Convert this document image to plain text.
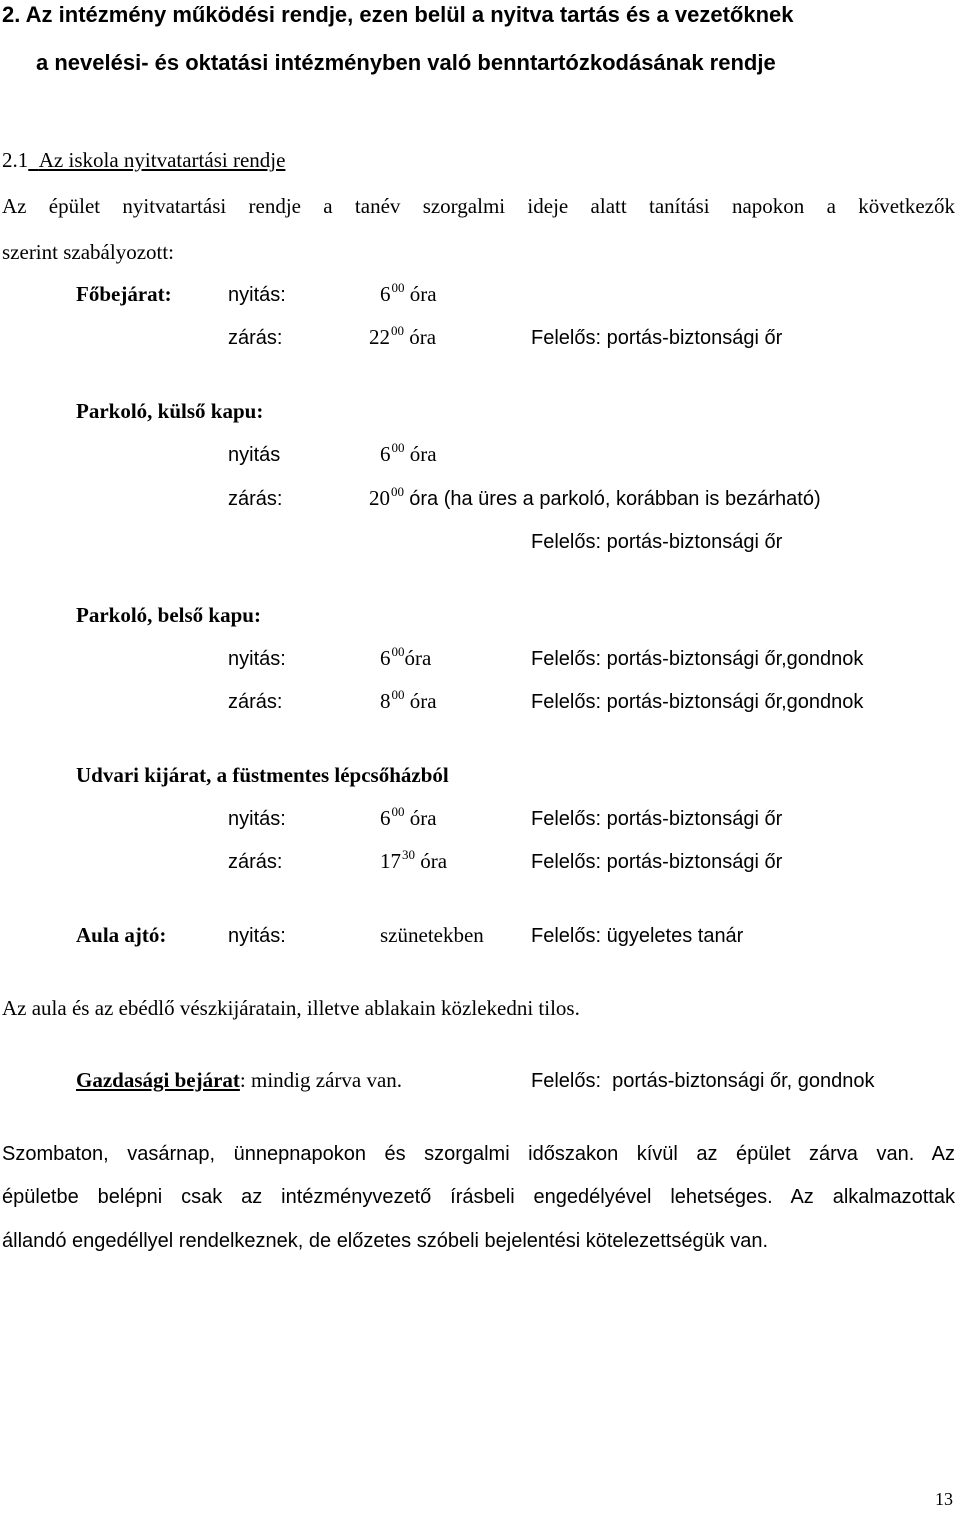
2. Az intézmény működési rendje, ezen belül a nyitva tartás és a vezetőknek
a nevelési- és oktatási intézményben való benntartózkodásának rendje
2.1 Az iskola nyitvatartási rendje
Az épület nyitvatartási rendje a tanév szorgalmi ideje alatt tanítási napokon a következők
szerint szabályozott:
Főbejárat:	nyitás:	$6^{00}$ óra
zárás:	$22^{00}$ óra	Felelős: portás-biztonsági őr
Parkoló, külső kapu:
nyitás	$6^{00}$ óra
zárás:	$20^{00}$ óra (ha üres a parkoló, korábban is bezárható)
Felelős: portás-biztonsági őr
Parkoló, belső kapu:
nyitás:	$6^{00}óra$	Felelős: portás-biztonsági őr,gondnok
zárás:	$8^{00}$ óra	Felelős: portás-biztonsági őr,gondnok
Udvari kijárat, a füstmentes lépcsőházból
nyitás:	$6^{00}$ óra	Felelős: portás-biztonsági őr
zárás:	$17^{30}$ óra	Felelős: portás-biztonsági őr
Aula ajtó:	nyitás:	szünetekben Felelős: ügyeletes tanár
Az aula és az ebédlő vészkijáratain, illetve ablakain közlekedni tilos.
Gazdasági bejárat: mindig zárva van.	Felelős:  portás-biztonsági őr, gondnok
Szombaton, vasárnap, ünnepnapokon és szorgalmi időszakon kívül az épület zárva van. Az
épületbe belépni csak az intézményvezető írásbeli engedélyével lehetséges. Az alkalmazottak
állandó engedéllyel rendelkeznek, de előzetes szóbeli bejelentési kötelezettségük van.
13
